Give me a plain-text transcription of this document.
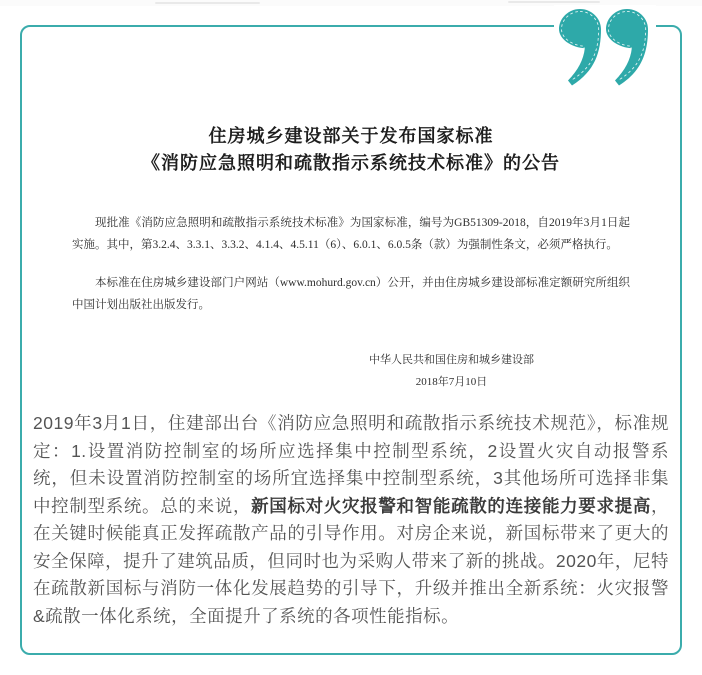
住房城乡建设部关于发布国家标准
《消防应急照明和疏散指示系统技术标准》的公告

现批准《消防应急照明和疏散指示系统技术标准》为国家标准，编号为GB51309-2018，自2019年3月1日起实施。其中，第3.2.4、3.3.1、3.3.2、4.1.4、4.5.11（6）、6.0.1、6.0.5条（款）为强制性条文，必须严格执行。

本标准在住房城乡建设部门户网站（www.mohurd.gov.cn）公开，并由住房城乡建设部标准定额研究所组织中国计划出版社出版发行。

中华人民共和国住房和城乡建设部
2018年7月10日
2019年3月1日，住建部出台《消防应急照明和疏散指示系统技术规范》，标准规定：1.设置消防控制室的场所应选择集中控制型系统，2设置火灾自动报警系统，但未设置消防控制室的场所宜选择集中控制型系统，3其他场所可选择非集中控制型系统。总的来说，新国标对火灾报警和智能疏散的连接能力要求提高，在关键时候能真正发挥疏散产品的引导作用。对房企来说，新国标带来了更大的安全保障，提升了建筑品质，但同时也为采购人带来了新的挑战。2020年，尼特在疏散新国标与消防一体化发展趋势的引导下，升级并推出全新系统：火灾报警&疏散一体化系统，全面提升了系统的各项性能指标。
